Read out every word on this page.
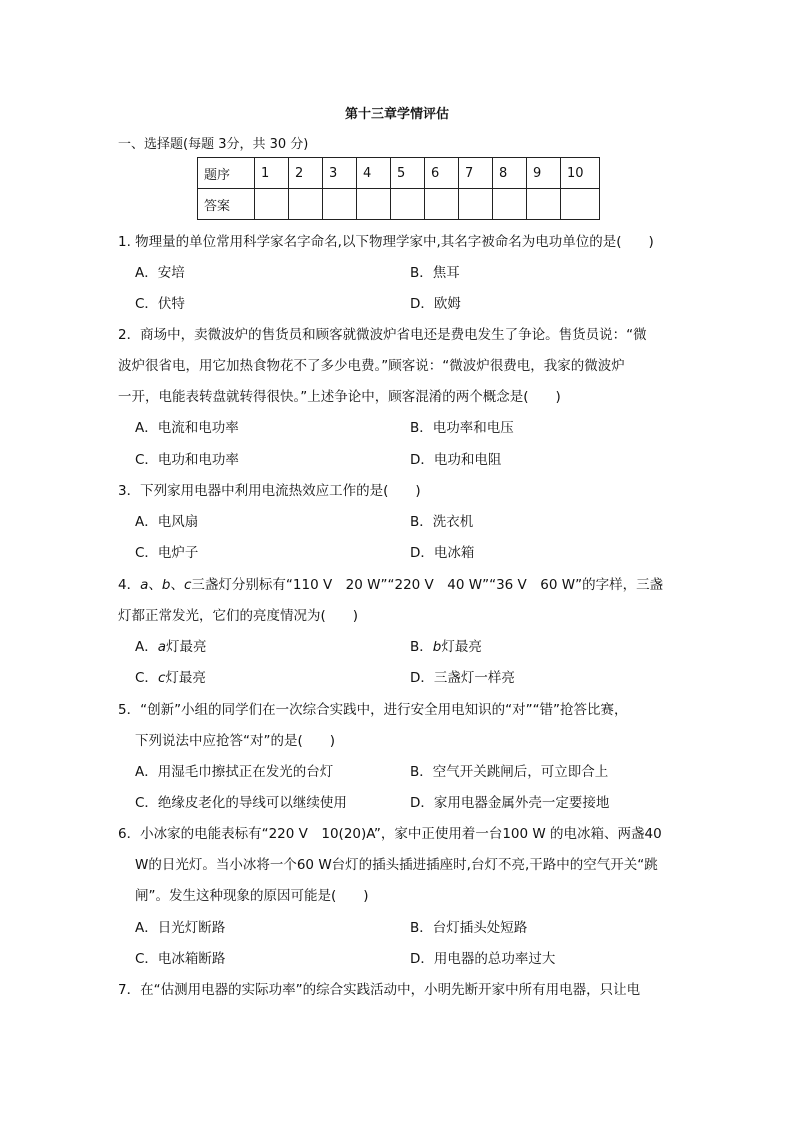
第十三章学情评估
一、选择题(每题 3分，共 30 分)
题序	1	2	3	4	5	6	7	8	9	10
答案										
1. 物理量的单位常用科学家名字命名,以下物理学家中,其名字被命名为电功单位的是(　　)
A．安培	B．焦耳
C．伏特	D．欧姆
2．商场中，卖微波炉的售货员和顾客就微波炉省电还是费电发生了争论。售货员说：“微
波炉很省电，用它加热食物花不了多少电费。”顾客说：“微波炉很费电，我家的微波炉
一开，电能表转盘就转得很快。”上述争论中，顾客混淆的两个概念是(　　)
A．电流和电功率	B．电功率和电压
C．电功和电功率	D．电功和电阻
3．下列家用电器中利用电流热效应工作的是(　　)
A．电风扇	B．洗衣机
C．电炉子	D．电冰箱
4．a、b、c三盏灯分别标有“110 V　20 W”“220 V　40 W”“36 V　60 W”的字样，三盏
灯都正常发光，它们的亮度情况为(　　)
A．a灯最亮	B．b灯最亮
C．c灯最亮	D．三盏灯一样亮
5．“创新”小组的同学们在一次综合实践中，进行安全用电知识的“对”“错”抢答比赛，
下列说法中应抢答“对”的是(　　)
A．用湿毛巾擦拭正在发光的台灯	B．空气开关跳闸后，可立即合上
C．绝缘皮老化的导线可以继续使用	D．家用电器金属外壳一定要接地
6．小冰家的电能表标有“220 V　10(20)A”，家中正使用着一台100 W 的电冰箱、两盏40
W的日光灯。当小冰将一个60 W台灯的插头插进插座时,台灯不亮,干路中的空气开关“跳
闸”。发生这种现象的原因可能是(　　)
A．日光灯断路	B．台灯插头处短路
C．电冰箱断路	D．用电器的总功率过大
7．在“估测用电器的实际功率”的综合实践活动中，小明先断开家中所有用电器，只让电
